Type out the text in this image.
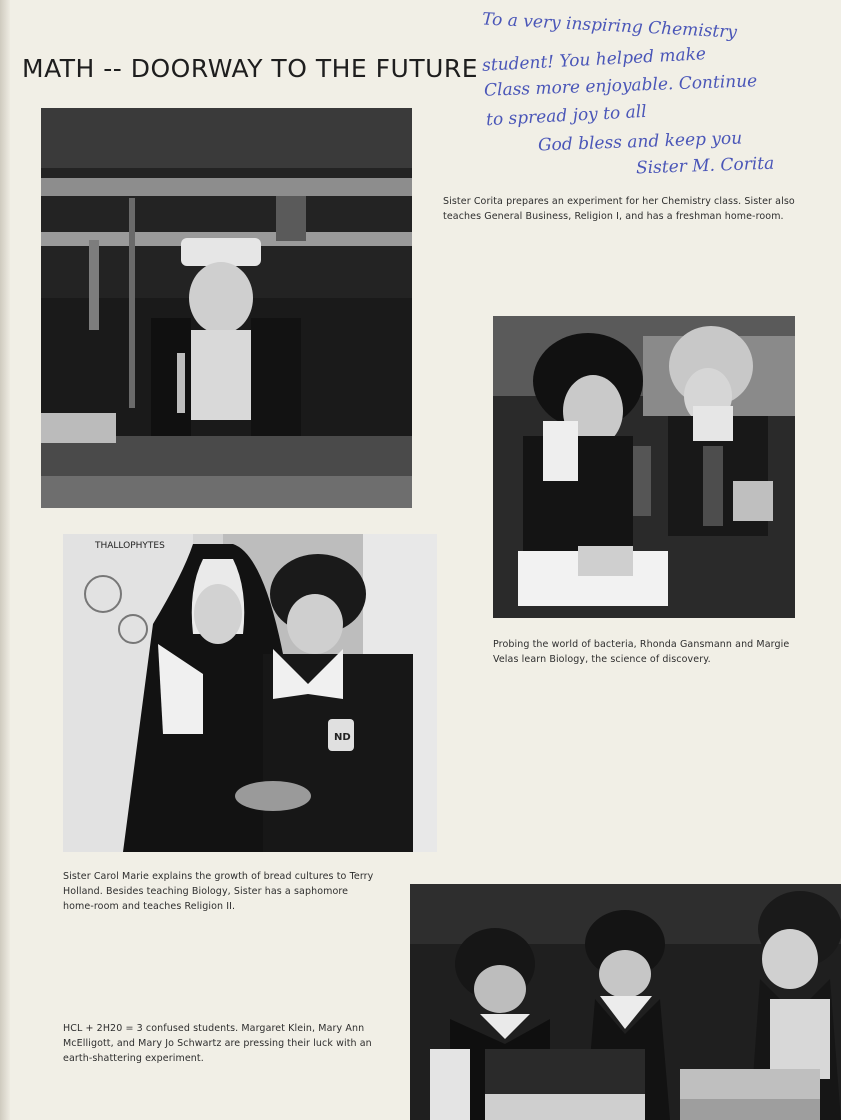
MATH -- DOORWAY TO THE FUTURE
To a very inspiring Chemistry
student! You helped make
Class more enjoyable. Continue
to spread joy to all
God bless and keep you
Sister M. Corita
Sister Corita prepares an experiment for her Chemistry class. Sister also teaches General Business, Religion I, and has a freshman home-room.
Probing the world of bacteria, Rhonda Gansmann and Margie Velas learn Biology, the science of discovery.
THALLOPHYTES
ND
Sister Carol Marie explains the growth of bread cultures to Terry Holland. Besides teaching Biology, Sister has a saphomore home-room and teaches Religion II.
HCL + 2H20 = 3 confused students. Margaret Klein, Mary Ann McElligott, and Mary Jo Schwartz are pressing their luck with an earth-shattering experiment.
